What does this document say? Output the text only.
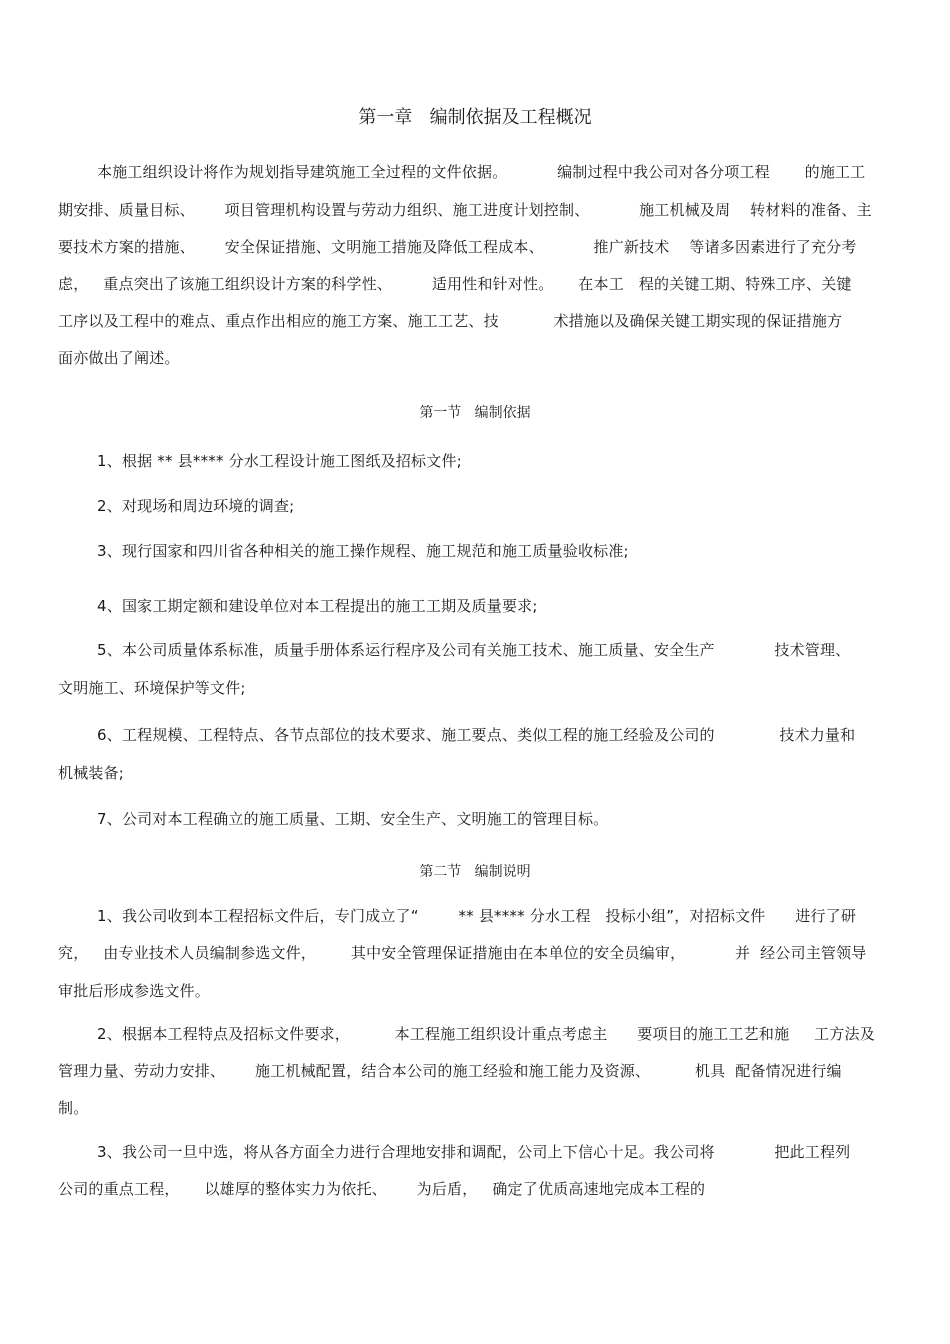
第一章   编制依据及工程概况
本施工组织设计将作为规划指导建筑施工全过程的文件依据。          编制过程中我公司对各分项工程       的施工工
期安排、质量目标、      项目管理机构设置与劳动力组织、施工进度计划控制、          施工机械及周    转材料的准备、主
要技术方案的措施、      安全保证措施、文明施工措施及降低工程成本、          推广新技术    等诸多因素进行了充分考
虑，   重点突出了该施工组织设计方案的科学性、        适用性和针对性。     在本工   程的关键工期、特殊工序、关键
工序以及工程中的难点、重点作出相应的施工方案、施工工艺、技           术措施以及确保关键工期实现的保证措施方
面亦做出了阐述。
第一节   编制依据
1、根据 ** 县**** 分水工程设计施工图纸及招标文件;
2、对现场和周边环境的调查;
3、现行国家和四川省各种相关的施工操作规程、施工规范和施工质量验收标准;
4、国家工期定额和建设单位对本工程提出的施工工期及质量要求;
5、本公司质量体系标准，质量手册体系运行程序及公司有关施工技术、施工质量、安全生产            技术管理、
文明施工、环境保护等文件;
6、工程规模、工程特点、各节点部位的技术要求、施工要点、类似工程的施工经验及公司的             技术力量和
机械装备;
7、公司对本工程确立的施工质量、工期、安全生产、文明施工的管理目标。
第二节   编制说明
1、我公司收到本工程招标文件后，专门成立了“        ** 县**** 分水工程   投标小组”，对招标文件      进行了研
究，   由专业技术人员编制参选文件，       其中安全管理保证措施由在本单位的安全员编审，          并  经公司主管领导
审批后形成参选文件。
2、根据本工程特点及招标文件要求，         本工程施工组织设计重点考虑主      要项目的施工工艺和施     工方法及
管理力量、劳动力安排、      施工机械配置，结合本公司的施工经验和施工能力及资源、         机具  配备情况进行编
制。
3、我公司一旦中选，将从各方面全力进行合理地安排和调配，公司上下信心十足。我公司将            把此工程列
公司的重点工程，     以雄厚的整体实力为依托、      为后盾，   确定了优质高速地完成本工程的
